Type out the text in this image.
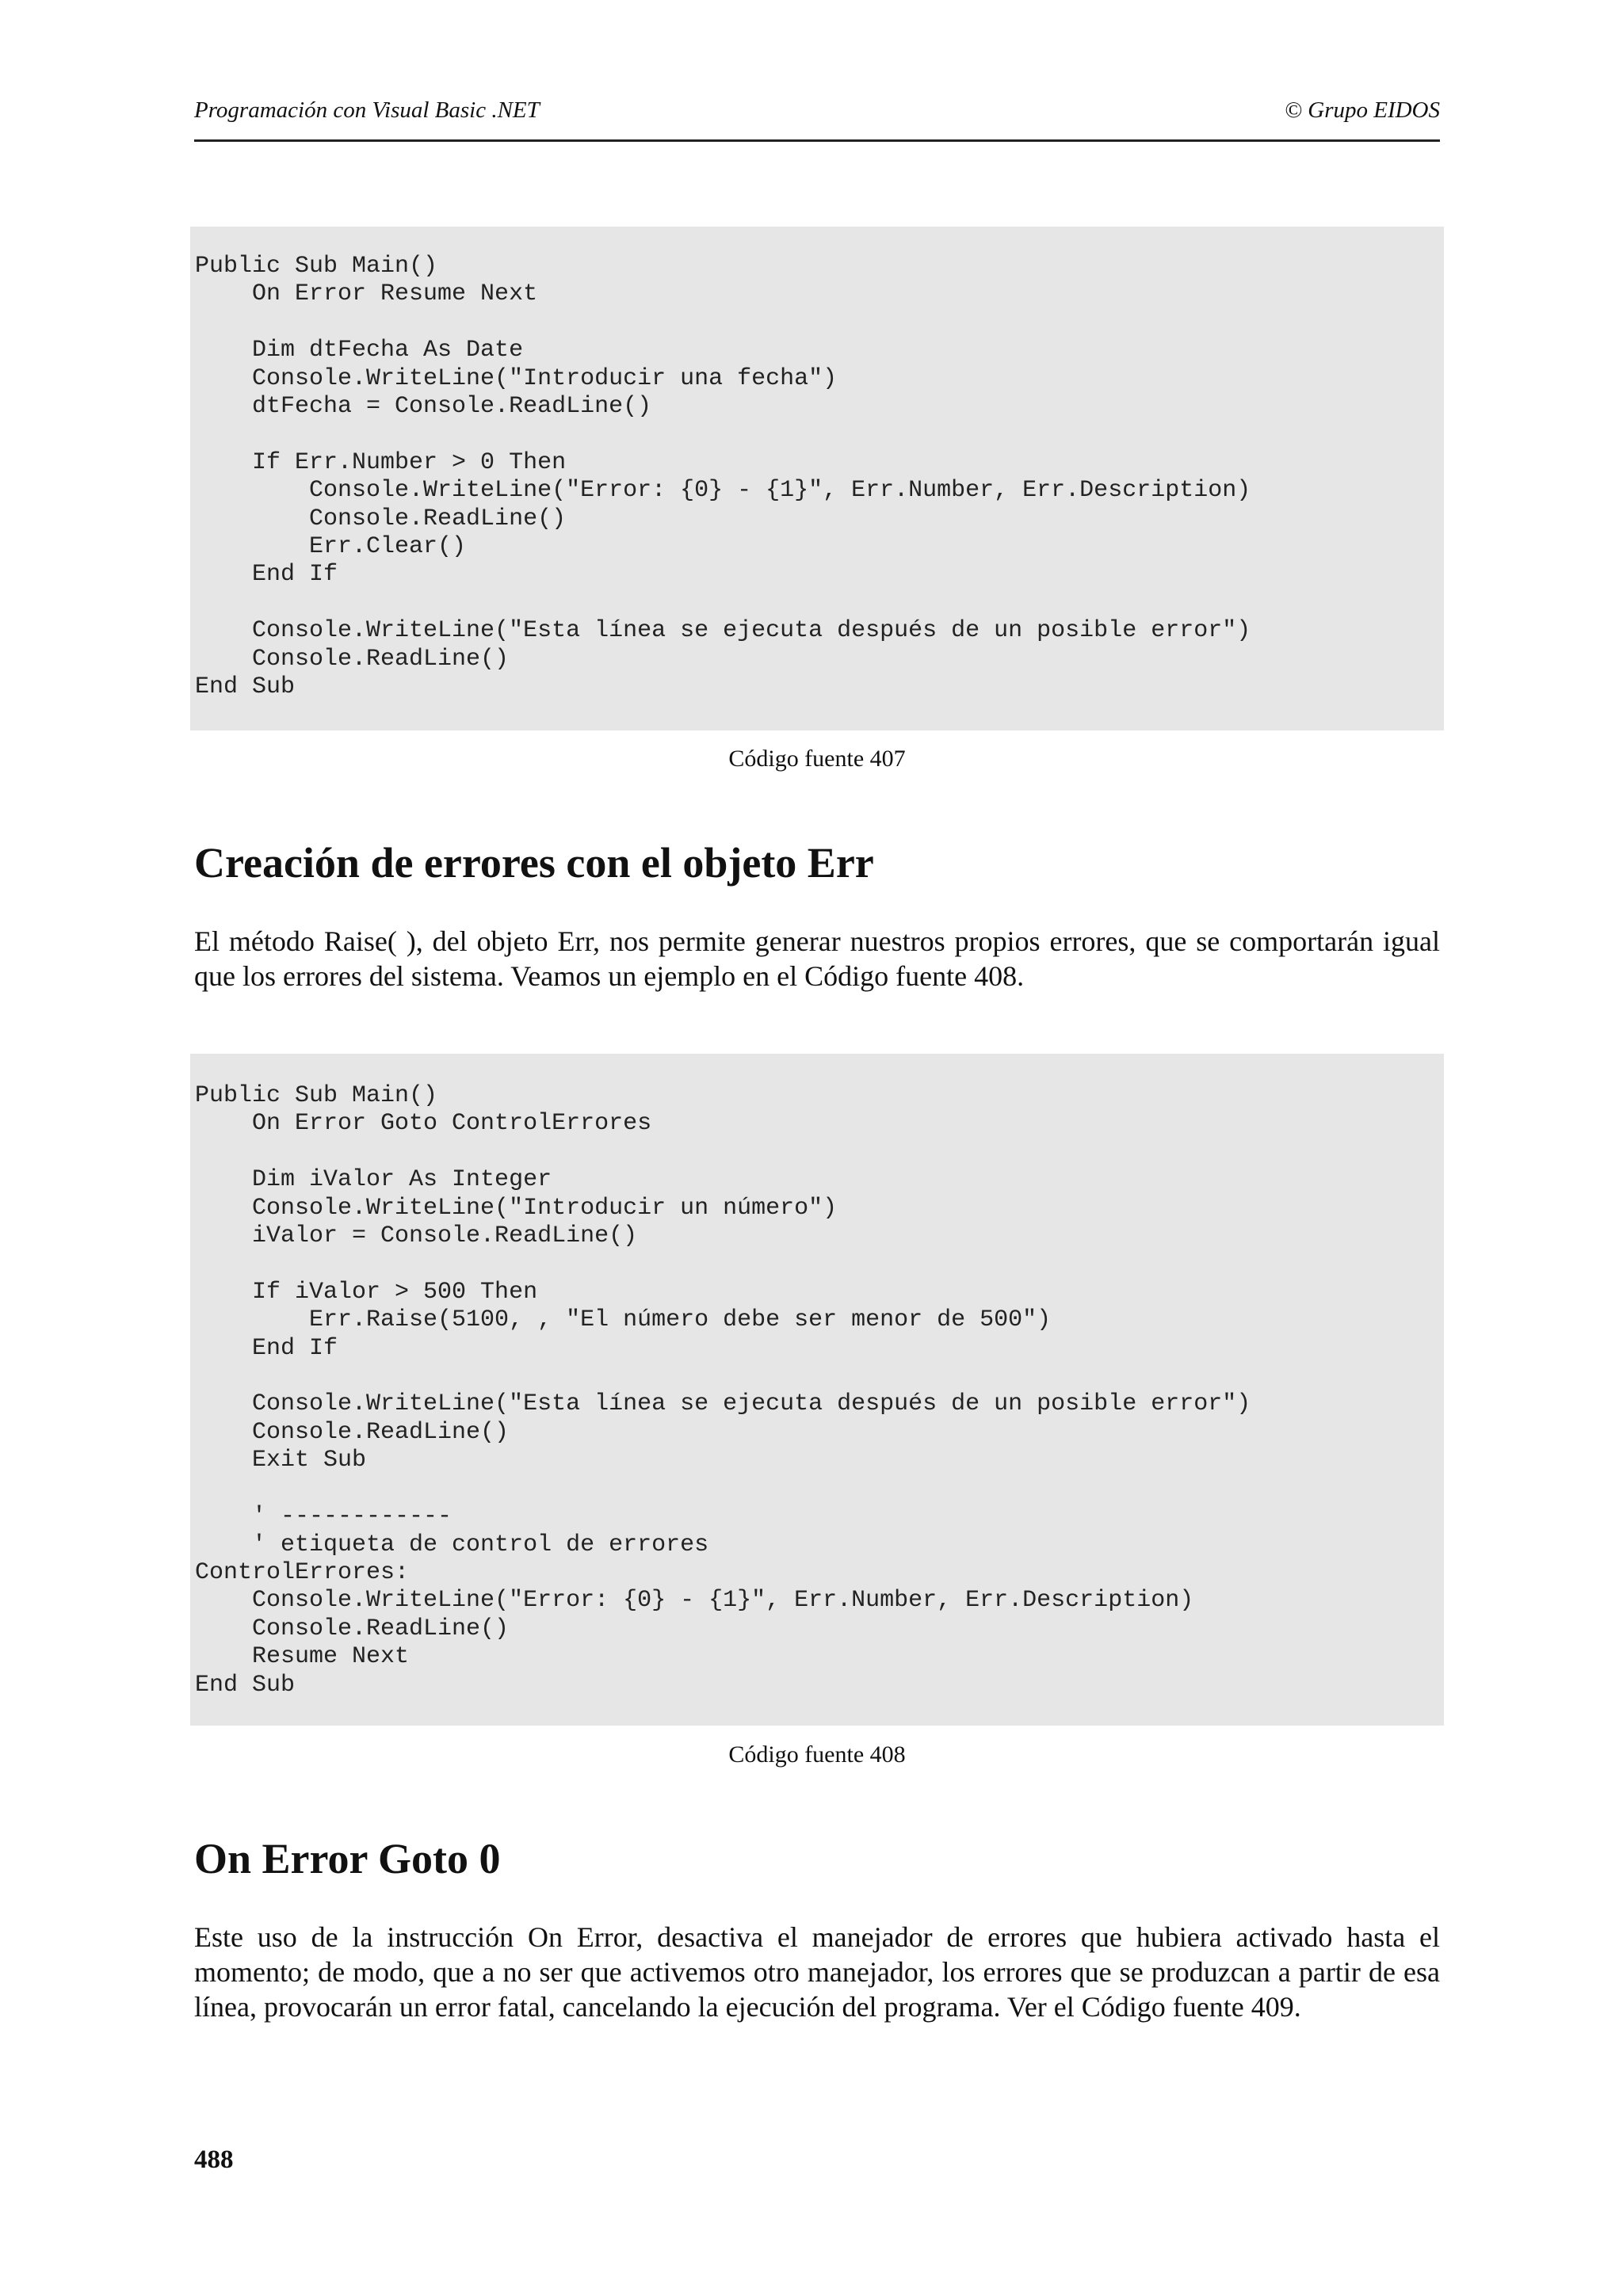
Programación con Visual Basic .NET	© Grupo EIDOS
Public Sub Main()
On Error Resume Next

Dim dtFecha As Date
Console.WriteLine("Introducir una fecha")
dtFecha = Console.ReadLine()

If Err.Number > 0 Then
Console.WriteLine("Error: {0} - {1}", Err.Number, Err.Description)
Console.ReadLine()
Err.Clear()
End If

Console.WriteLine("Esta línea se ejecuta después de un posible error")
Console.ReadLine()
End Sub
Código fuente 407
Creación de errores con el objeto Err

El método Raise( ), del objeto Err, nos permite generar nuestros propios errores, que se comportarán igual que los errores del sistema. Veamos un ejemplo en el Código fuente 408.

Public Sub Main()
On Error Goto ControlErrores

Dim iValor As Integer
Console.WriteLine("Introducir un número")
iValor = Console.ReadLine()

If iValor > 500 Then
Err.Raise(5100, , "El número debe ser menor de 500")
End If

Console.WriteLine("Esta línea se ejecuta después de un posible error")
Console.ReadLine()
Exit Sub

' ------------
' etiqueta de control de errores
ControlErrores:
Console.WriteLine("Error: {0} - {1}", Err.Number, Err.Description)
Console.ReadLine()
Resume Next
End Sub
Código fuente 408
On Error Goto 0

Este uso de la instrucción On Error, desactiva el manejador de errores que hubiera activado hasta el momento; de modo, que a no ser que activemos otro manejador, los errores que se produzcan a partir de esa línea, provocarán un error fatal, cancelando la ejecución del programa. Ver el Código fuente 409.

488
